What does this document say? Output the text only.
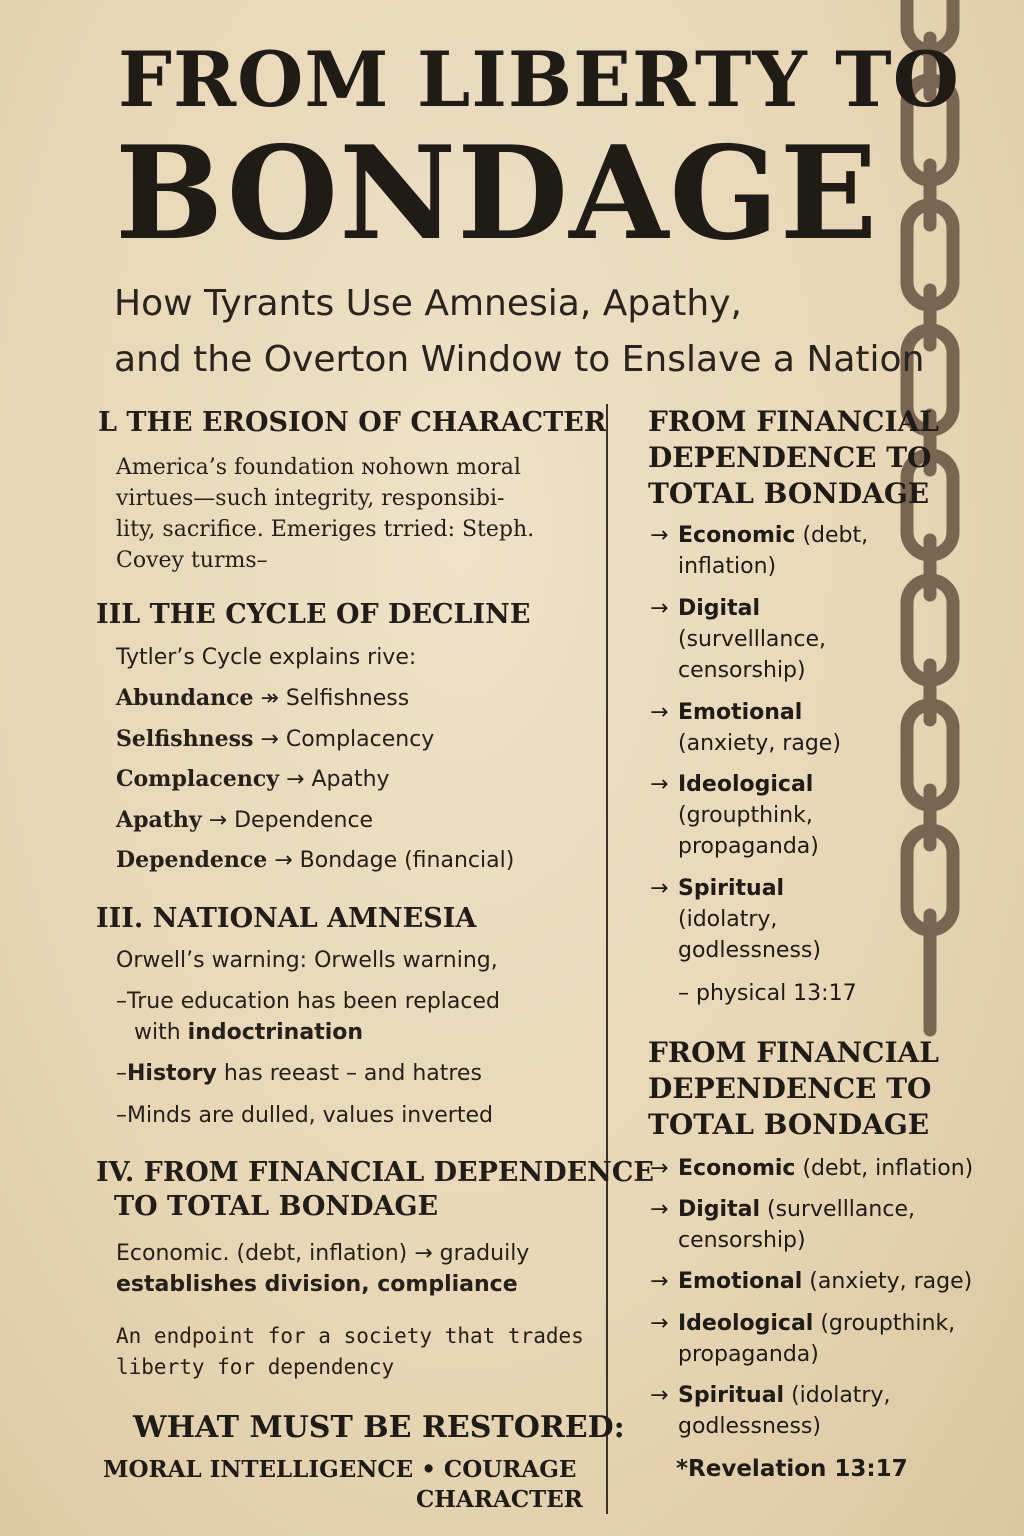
FROM LIBERTY TO
BONDAGE
How Tyrants Use Amnesia, Apathy,
and the Overton Window to Enslave a Nation
L THE EROSION OF CHARACTER
America’s foundation ɴohown moral
virtues—such integrity, responsibi-
lity, sacrifice. Emeriges trried: Steph.
Covey turms–
IIL THE CYCLE OF DECLINE
Tytler’s Cycle explains rive:
Abundance ↠ Selfishness
Selfishness → Complacency
Complacency → Apathy
Apathy → Dependence
Dependence → Bondage (financial)
III. NATIONAL AMNESIA
Orwell’s warning: Orwells warning,
–True education has been replaced
with indoctrination
–History has reeast – and hatres
–Minds are dulled, values inverted
IV. FROM FINANCIAL DEPENDENCE
TO TOTAL BONDAGE
Economic. (debt, inflation) → graduily
establishes division, compliance
An endpoint for a society that trades
liberty for dependency
WHAT MUST BE RESTORED:
MORAL INTELLIGENCE • COURAGE
CHARACTER
FROM FINANCIAL
DEPENDENCE TO
TOTAL BONDAGE
→ Economic (debt,
inflation)
→ Digital
(survelllance,
censorship)
→ Emotional
(anxiety, rage)
→ Ideological
(groupthink,
propaganda)
→ Spiritual
(idolatry,
godlessness)
– physical 13:17
FROM FINANCIAL
DEPENDENCE TO
TOTAL BONDAGE
→ Economic (debt, inflation)
→ Digital (survelllance,
censorship)
→ Emotional (anxiety, rage)
→ Ideological (groupthink,
propaganda)
→ Spiritual (idolatry,
godlessness)
*Revelation 13:17
